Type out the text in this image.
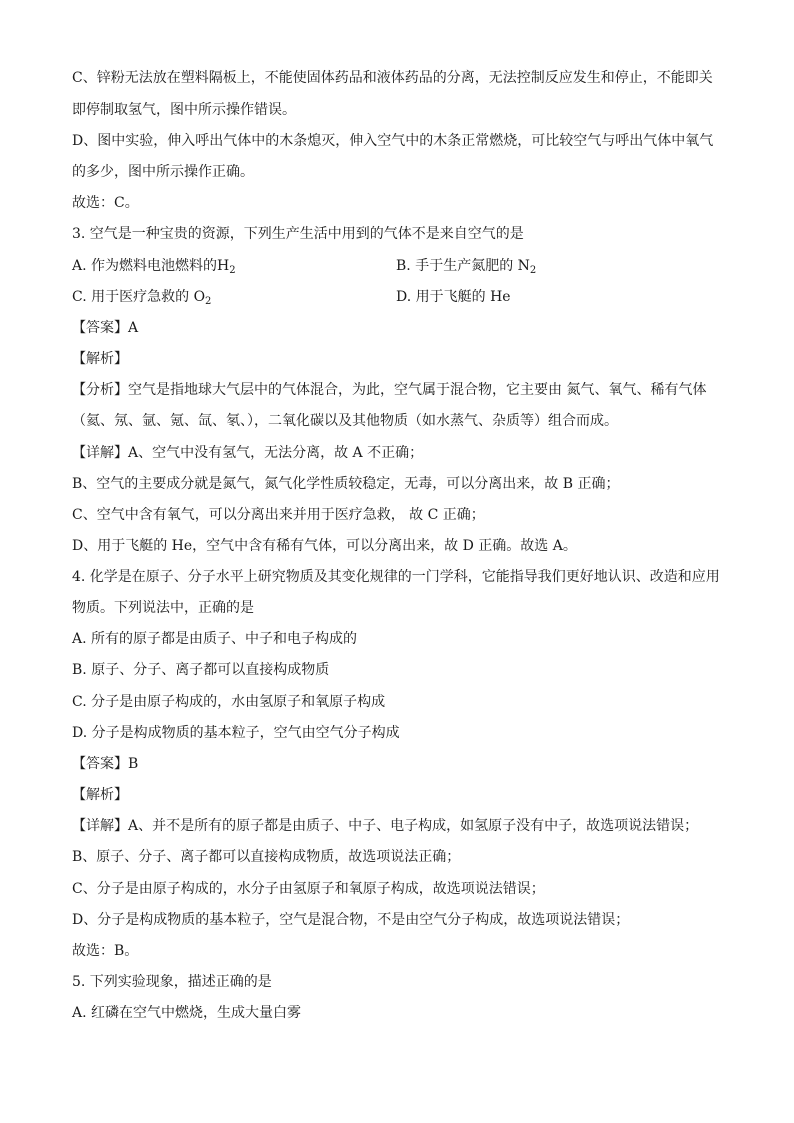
C、锌粉无法放在塑料隔板上，不能使固体药品和液体药品的分离，无法控制反应发生和停止，不能即关
即停制取氢气，图中所示操作错误。
D、图中实验，伸入呼出气体中的木条熄灭，伸入空气中的木条正常燃烧，可比较空气与呼出气体中氧气
的多少，图中所示操作正确。
故选：C。
3. 空气是一种宝贵的资源，下列生产生活中用到的气体不是来自空气的是
A. 作为燃料电池燃料的$H_2$	B. 手于生产氮肥的 $N_2$
C. 用于医疗急救的 $O_2$	D. 用于飞艇的 He
【答案】A
【解析】
【分析】空气是指地球大气层中的气体混合，为此，空气属于混合物，它主要由 氮气、氧气、稀有气体
（氦、氖、氩、氪、氙、氡、），二氧化碳以及其他物质（如水蒸气、杂质等）组合而成。
【详解】A、空气中没有氢气，无法分离，故 A 不正确；
B、空气的主要成分就是氮气，氮气化学性质较稳定，无毒，可以分离出来，故 B 正确；
C、空气中含有氧气，可以分离出来并用于医疗急救， 故 C 正确；
D、用于飞艇的 He，空气中含有稀有气体，可以分离出来，故 D 正确。故选 A。
4. 化学是在原子、分子水平上研究物质及其变化规律的一门学科，它能指导我们更好地认识、改造和应用
物质。下列说法中，正确的是
A. 所有的原子都是由质子、中子和电子构成的
B. 原子、分子、离子都可以直接构成物质
C. 分子是由原子构成的，水由氢原子和氧原子构成
D. 分子是构成物质的基本粒子，空气由空气分子构成
【答案】B
【解析】
【详解】A、并不是所有的原子都是由质子、中子、电子构成，如氢原子没有中子，故选项说法错误；
B、原子、分子、离子都可以直接构成物质，故选项说法正确；
C、分子是由原子构成的，水分子由氢原子和氧原子构成，故选项说法错误；
D、分子是构成物质的基本粒子，空气是混合物，不是由空气分子构成，故选项说法错误；
故选：B。
5. 下列实验现象，描述正确的是
A. 红磷在空气中燃烧，生成大量白雾
